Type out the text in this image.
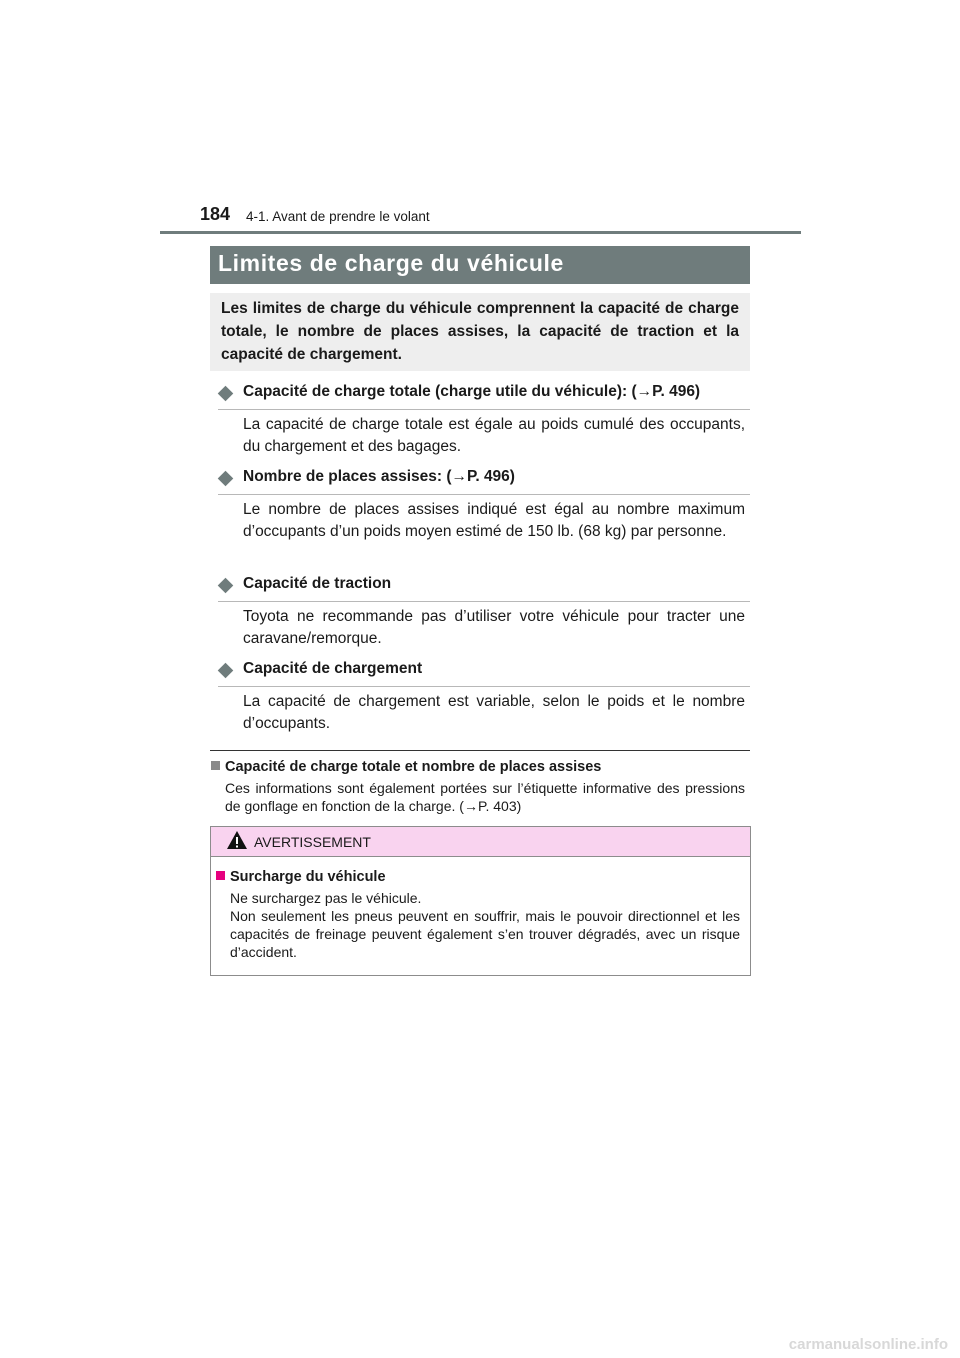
184 4-1. Avant de prendre le volant
Limites de charge du véhicule

Les limites de charge du véhicule comprennent la capacité de charge totale, le nombre de places assises, la capacité de traction et la capacité de chargement.

Capacité de charge totale (charge utile du véhicule): (→P. 496)

La capacité de charge totale est égale au poids cumulé des occupants, du chargement et des bagages.

Nombre de places assises: (→P. 496)

Le nombre de places assises indiqué est égal au nombre maximum d’occupants d’un poids moyen estimé de 150 lb. (68 kg) par personne.

Capacité de traction

Toyota ne recommande pas d’utiliser votre véhicule pour tracter une caravane/remorque.

Capacité de chargement

La capacité de chargement est variable, selon le poids et le nombre d’occupants.

Capacité de charge totale et nombre de places assises

Ces informations sont également portées sur l’étiquette informative des pressions de gonflage en fonction de la charge. (→P. 403)

AVERTISSEMENT
Surcharge du véhicule
Ne surchargez pas le véhicule.
Non seulement les pneus peuvent en souffrir, mais le pouvoir directionnel et les capacités de freinage peuvent également s’en trouver dégradés, avec un risque d’accident.
carmanualsonline.info
